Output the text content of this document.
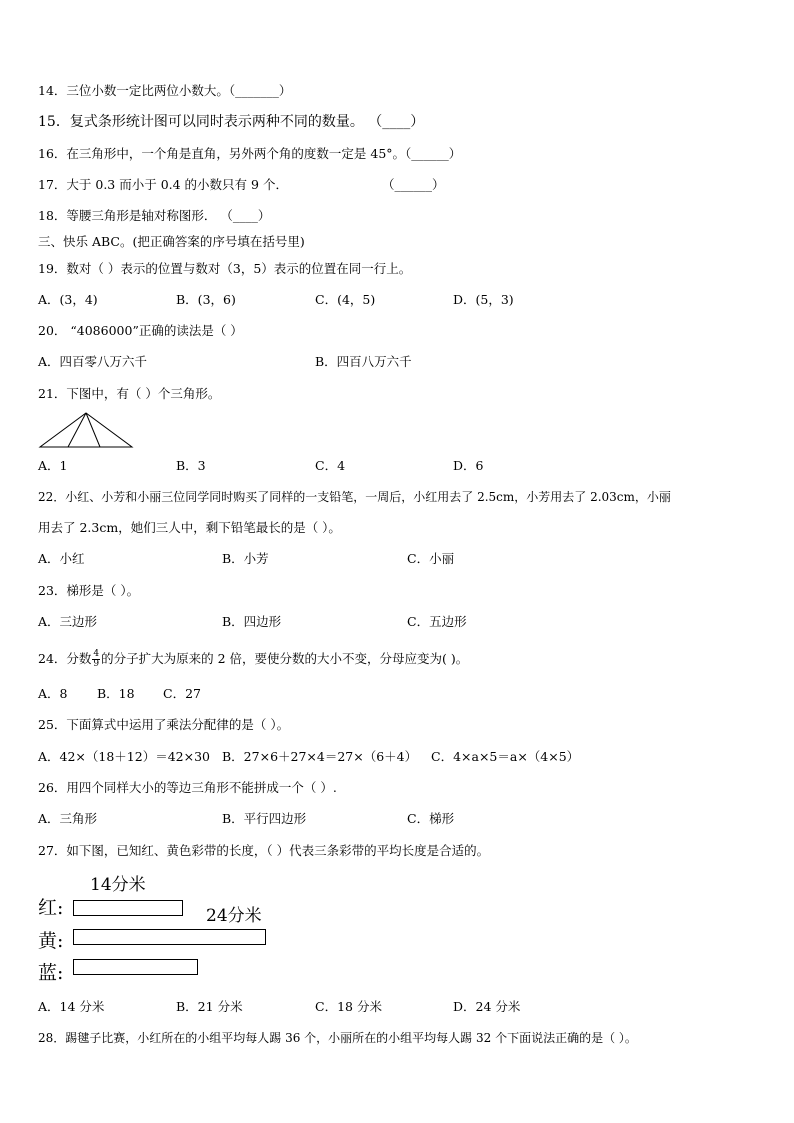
14．三位小数一定比两位小数大。（_______）
15．复式条形统计图可以同时表示两种不同的数量。 （____）
16．在三角形中，一个角是直角，另外两个角的度数一定是 45°。（______）
17．大于 0.3 而小于 0.4 的小数只有 9 个．	（______）
18．等腰三角形是轴对称图形． （____）
三、快乐 ABC。(把正确答案的序号填在括号里)
19．数对（ ）表示的位置与数对（3，5）表示的位置在同一行上。
A．(3，4)	B．(3，6)	C．(4，5)	D．(5，3)
20． “4086000”正确的读法是（ ）
A．四百零八万六千	B．四百八万六千
21．下图中，有（ ）个三角形。
A．1	B．3	C．4	D．6
22．小红、小芳和小丽三位同学同时购买了同样的一支铅笔，一周后，小红用去了 2.5cm，小芳用去了 2.03cm，小丽
用去了 2.3cm，她们三人中，剩下铅笔最长的是（ ）。
A．小红	B．小芳	C．小丽
23．梯形是（ ）。
A．三边形	B．四边形	C．五边形
24．分数 $\frac{4}{9}$ 的分子扩大为原来的 2 倍，要使分数的大小不变，分母应变为( )。
A．8 B．18 C．27
25．下面算式中运用了乘法分配律的是（ ）。
A．42×（18＋12）＝42×30 B．27×6＋27×4＝27×（6＋4） C．4×a×5＝a×（4×5）
26．用四个同样大小的等边三角形不能拼成一个（ ）.
A．三角形	B．平行四边形	C．梯形
27．如下图，已知红、黄色彩带的长度，（ ）代表三条彩带的平均长度是合适的。
14分米
红:	24分米
黄:
蓝:
A．14 分米	B．21 分米	C．18 分米	D．24 分米
28．踢毽子比赛，小红所在的小组平均每人踢 36 个，小丽所在的小组平均每人踢 32 个下面说法正确的是（ ）。
